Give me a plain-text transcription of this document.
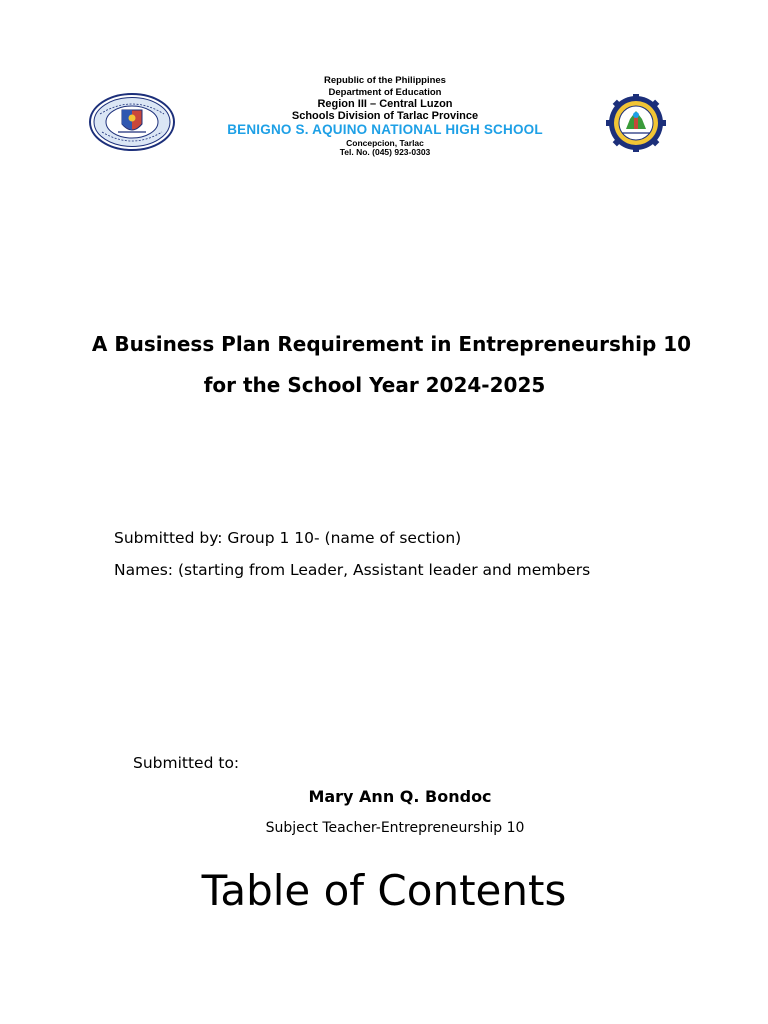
Republic of the Philippines
Department of Education
Region III – Central Luzon
Schools Division of Tarlac Province
BENIGNO S. AQUINO NATIONAL HIGH SCHOOL
Concepcion, Tarlac
Tel. No. (045) 923-0303
A Business Plan Requirement in Entrepreneurship 10
for the School Year 2024-2025
Submitted by: Group 1 10- (name of section)
Names: (starting from Leader, Assistant leader and members
Submitted to:
Mary Ann Q. Bondoc
Subject Teacher-Entrepreneurship 10
Table of Contents
